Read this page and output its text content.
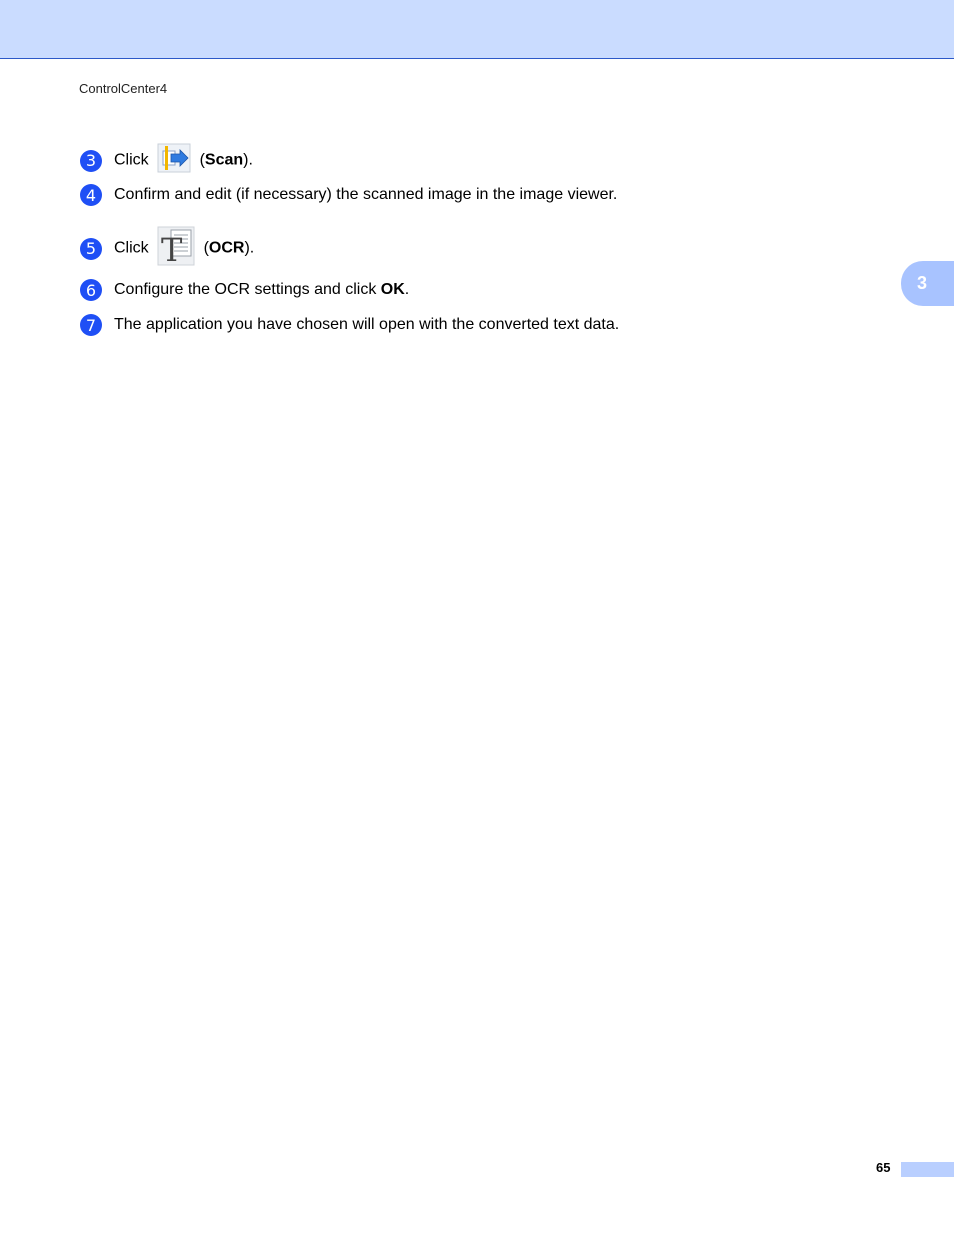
ControlCenter4
3	Click	(Scan).
4	Confirm and edit (if necessary) the scanned image in the image viewer.
5	Click T (OCR).
6	Configure the OCR settings and click OK.
7	The application you have chosen will open with the converted text data.
3
65
